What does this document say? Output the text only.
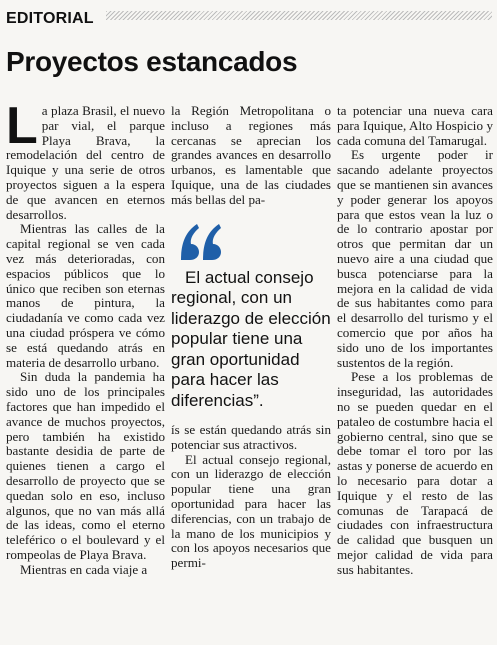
EDITORIAL
Proyectos estancados

La plaza Brasil, el nuevo par vial, el parque Playa Brava, la remodelación del centro de Iquique y una serie de otros proyectos siguen a la espera de que avancen en eternos desarrollos.

Mientras las calles de la capital regional se ven cada vez más deterioradas, con espacios públicos que lo único que reciben son eternas manos de pintura, la ciudadanía ve como cada vez una ciudad próspera ve cómo se está quedando atrás en materia de desarrollo urbano.

Sin duda la pandemia ha sido uno de los principales factores que han impedido el avance de muchos proyectos, pero también ha existido bastante desidia de parte de quienes tienen a cargo el desarrollo de proyecto que se quedan solo en eso, incluso algunos, que no van más allá de las ideas, como el eterno teleférico o el boulevard y el rompeolas de Playa Brava.

Mientras en cada viaje a

la Región Metropolitana o incluso a regiones más cercanas se aprecian los grandes avances en desarrollo urbanos, es lamentable que Iquique, una de las ciudades más bellas del pa-

El actual consejo regional, con un liderazgo de elección popular tiene una gran oportunidad para hacer las diferencias”.

ís se están quedando atrás sin potenciar sus atractivos.

El actual consejo regional, con un liderazgo de elección popular tiene una gran oportunidad para hacer las diferencias, con un trabajo de la mano de los municipios y con los apoyos necesarios que permi-

ta potenciar una nueva cara para Iquique, Alto Hospicio y cada comuna del Tamarugal.

Es urgente poder ir sacando adelante proyectos que se mantienen sin avances y poder generar los apoyos para que estos vean la luz o de lo contrario apostar por otros que permitan dar un nuevo aire a una ciudad que busca potenciarse para la mejora en la calidad de vida de sus habitantes como para el desarrollo del turismo y el comercio que por años ha sido uno de los importantes sustentos de la región.

Pese a los problemas de inseguridad, las autoridades no se pueden quedar en el pataleo de costumbre hacia el gobierno central, sino que se debe tomar el toro por las astas y ponerse de acuerdo en lo necesario para dotar a Iquique y el resto de las comunas de Tarapacá de ciudades con infraestructura de calidad que busquen un mejor calidad de vida para sus habitantes.
